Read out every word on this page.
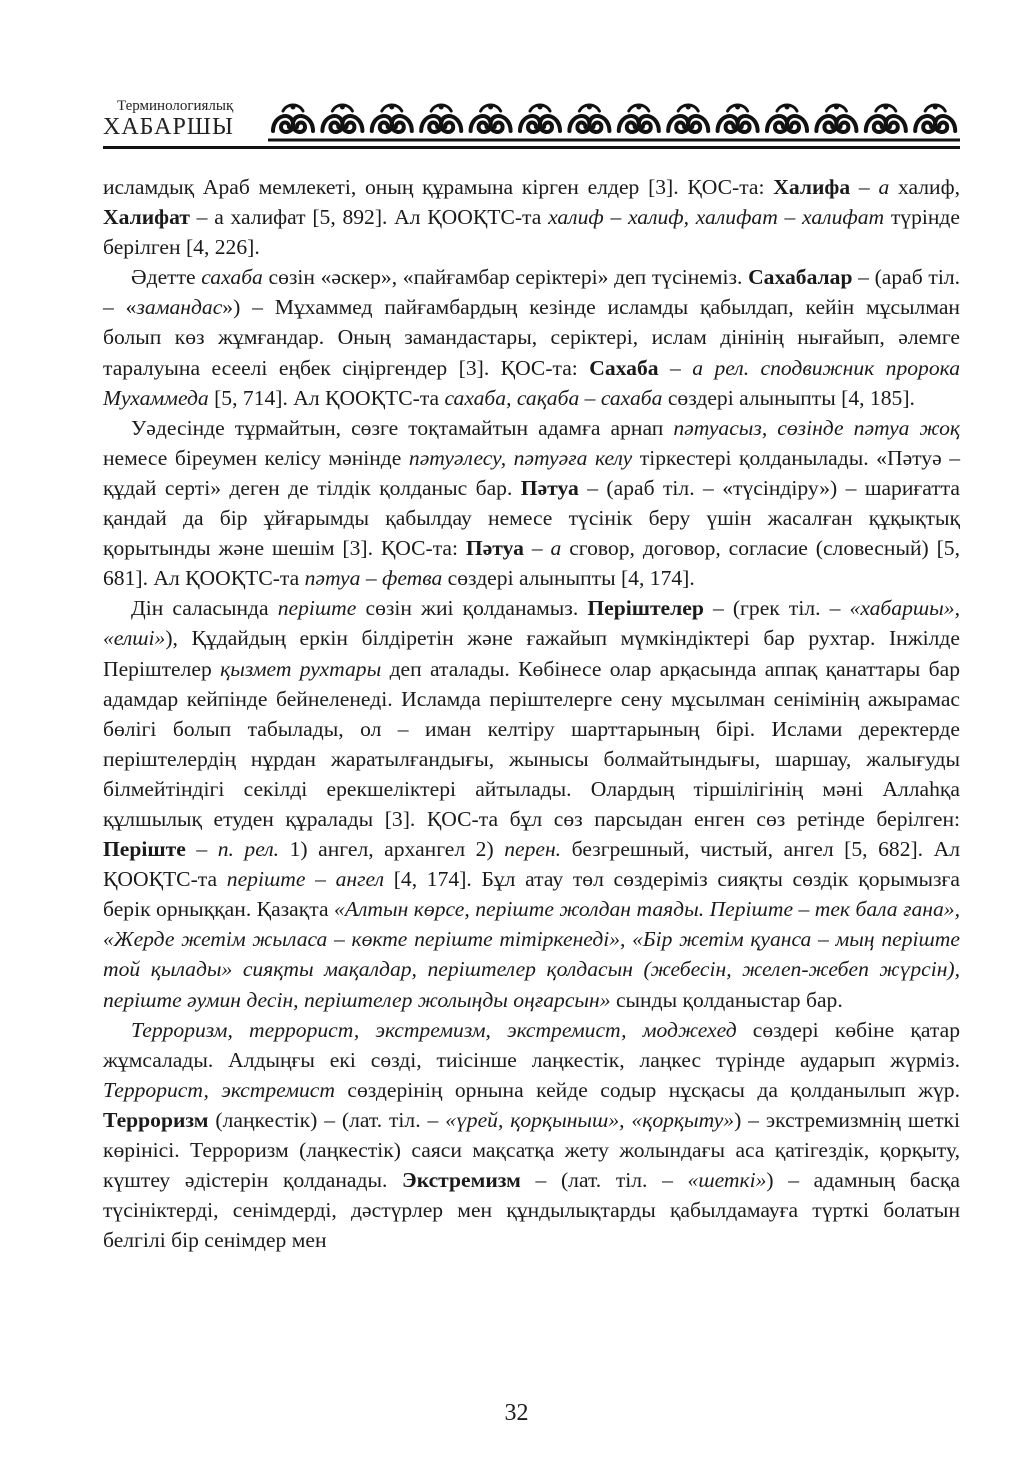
Терминологиялық
ХАБАРШЫ

исламдық Араб мемлекеті, оның құрамына кірген елдер [3]. ҚОС-та: Халифа – а халиф, Халифат – а халифат [5, 892]. Ал ҚООҚТС-та халиф – халиф, халифат – халифат түрінде берілген [4, 226].

Әдетте сахаба сөзін «әскер», «пайғамбар серіктері» деп түсінеміз. Сахабалар – (араб тіл. – «замандас») – Мұхаммед пайғамбардың кезінде исламды қабылдап, кейін мұсылман болып көз жұмғандар. Оның замандастары, серіктері, ислам дінінің нығайып, әлемге таралуына есеелі еңбек сіңіргендер [3]. ҚОС-та: Сахаба – а рел. сподвижник пророка Мухаммеда [5, 714]. Ал ҚООҚТС-та сахаба, сақаба – сахаба сөздері алыныпты [4, 185].

Уәдесінде тұрмайтын, сөзге тоқтамайтын адамға арнап пәтуасыз, сөзінде пәтуа жоқ немесе біреумен келісу мәнінде пәтуәлесу, пәтуәға келу тіркестері қолданылады. «Пәтуә – құдай серті» деген де тілдік қолданыс бар. Пәтуа – (араб тіл. – «түсіндіру») – шариғатта қандай да бір ұйғарымды қабылдау немесе түсінік беру үшін жасалған құқықтық қорытынды және шешім [3]. ҚОС-та: Пәтуа – а сговор, договор, согласие (словесный) [5, 681]. Ал ҚООҚТС-та пәтуа – фетва сөздері алыныпты [4, 174].

Дін саласында періште сөзін жиі қолданамыз. Періштелер – (грек тіл. – «хабаршы», «елші»), Құдайдың еркін білдіретін және ғажайып мүмкіндіктері бар рухтар. Інжілде Періштелер қызмет рухтары деп аталады. Көбінесе олар арқасында аппақ қанаттары бар адамдар кейпінде бейнеленеді. Исламда періштелерге сену мұсылман сенімінің ажырамас бөлігі болып табылады, ол – иман келтіру шарттарының бірі. Ислами деректерде періштелердің нұрдан жаратылғандығы, жынысы болмайтындығы, шаршау, жалығуды білмейтіндігі секілді ерекшеліктері айтылады. Олардың тіршілігінің мәні Аллаһқа құлшылық етуден құралады [3]. ҚОС-та бұл сөз парсыдан енген сөз ретінде берілген: Періште – п. рел. 1) ангел, архангел 2) перен. безгрешный, чистый, ангел [5, 682]. Ал ҚООҚТС-та періште – ангел [4, 174]. Бұл атау төл сөздеріміз сияқты сөздік қорымызға берік орныққан. Қазақта «Алтын көрсе, періште жолдан таяды. Періште – тек бала ғана», «Жерде жетім жыласа – көкте періште тітіркенеді», «Бір жетім қуанса – мың періште той қылады» сияқты мақалдар, періштелер қолдасын (жебесін, желеп-жебеп жүрсін), періште әумин десін, періштелер жолыңды оңғарсын» сынды қолданыстар бар.

Терроризм, террорист, экстремизм, экстремист, моджехед сөздері көбіне қатар жұмсалады. Алдыңғы екі сөзді, тиісінше лаңкестік, лаңкес түрінде аударып жүрміз. Террорист, экстремист сөздерінің орнына кейде содыр нұсқасы да қолданылып жүр. Терроризм (лаңкестік) – (лат. тіл. – «үрей, қорқыныш», «қорқыту») – экстремизмнің шеткі көрінісі. Терроризм (лаңкестік) саяси мақсатқа жету жолындағы аса қатігездік, қорқыту, күштеу әдістерін қолданады. Экстремизм – (лат. тіл. – «шеткі») – адамның басқа түсініктерді, сенімдерді, дәстүрлер мен құндылықтарды қабылдамауға түрткі болатын белгілі бір сенімдер мен

32
